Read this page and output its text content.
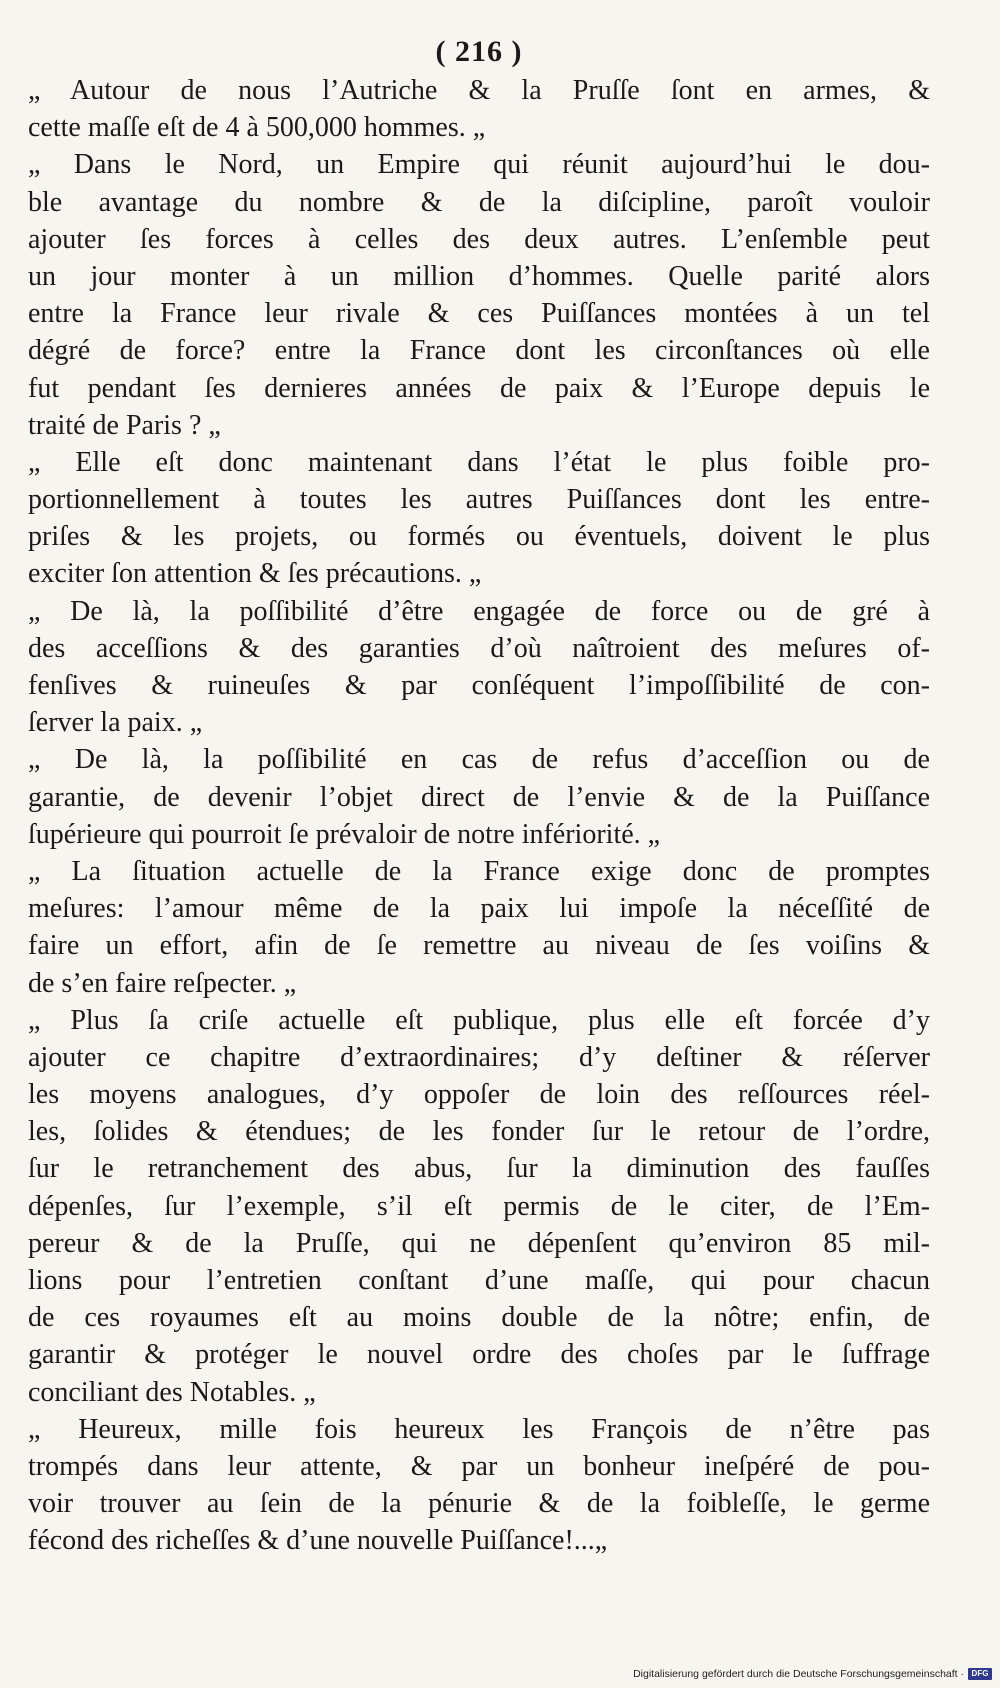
( 216 )
„ Autour de nous l’Autriche & la Pruſſe ſont en armes, &
cette maſſe eſt de 4 à 500,000 hommes. „
„ Dans le Nord, un Empire qui réunit aujourd’hui le dou-
ble avantage du nombre & de la diſcipline, paroît vouloir
ajouter ſes forces à celles des deux autres. L’enſemble peut
un jour monter à un million d’hommes. Quelle parité alors
entre la France leur rivale & ces Puiſſances montées à un tel
dégré de force? entre la France dont les circonſtances où elle
fut pendant ſes dernieres années de paix & l’Europe depuis le
traité de Paris ? „
„ Elle eſt donc maintenant dans l’état le plus foible pro-
portionnellement à toutes les autres Puiſſances dont les entre-
priſes & les projets, ou formés ou éventuels, doivent le plus
exciter ſon attention & ſes précautions. „
„ De là, la poſſibilité d’être engagée de force ou de gré à
des acceſſions & des garanties d’où naîtroient des meſures of-
fenſives & ruineuſes & par conſéquent l’impoſſibilité de con-
ſerver la paix. „
„ De là, la poſſibilité en cas de refus d’acceſſion ou de
garantie, de devenir l’objet direct de l’envie & de la Puiſſance
ſupérieure qui pourroit ſe prévaloir de notre infériorité. „
„ La ſituation actuelle de la France exige donc de promptes
meſures: l’amour même de la paix lui impoſe la néceſſité de
faire un effort, afin de ſe remettre au niveau de ſes voiſins &
de s’en faire reſpecter. „
„ Plus ſa criſe actuelle eſt publique, plus elle eſt forcée d’y
ajouter ce chapitre d’extraordinaires; d’y deſtiner & réſerver
les moyens analogues, d’y oppoſer de loin des reſſources réel-
les, ſolides & étendues; de les fonder ſur le retour de l’ordre,
ſur le retranchement des abus, ſur la diminution des fauſſes
dépenſes, ſur l’exemple, s’il eſt permis de le citer, de l’Em-
pereur & de la Pruſſe, qui ne dépenſent qu’environ 85 mil-
lions pour l’entretien conſtant d’une maſſe, qui pour chacun
de ces royaumes eſt au moins double de la nôtre; enfin, de
garantir & protéger le nouvel ordre des choſes par le ſuffrage
conciliant des Notables. „
„ Heureux, mille fois heureux les François de n’être pas
trompés dans leur attente, & par un bonheur ineſpéré de pou-
voir trouver au ſein de la pénurie & de la foibleſſe, le germe
fécond des richeſſes & d’une nouvelle Puiſſance!...„
Digitalisierung gefördert durch die Deutsche Forschungsgemeinschaft · DFG
